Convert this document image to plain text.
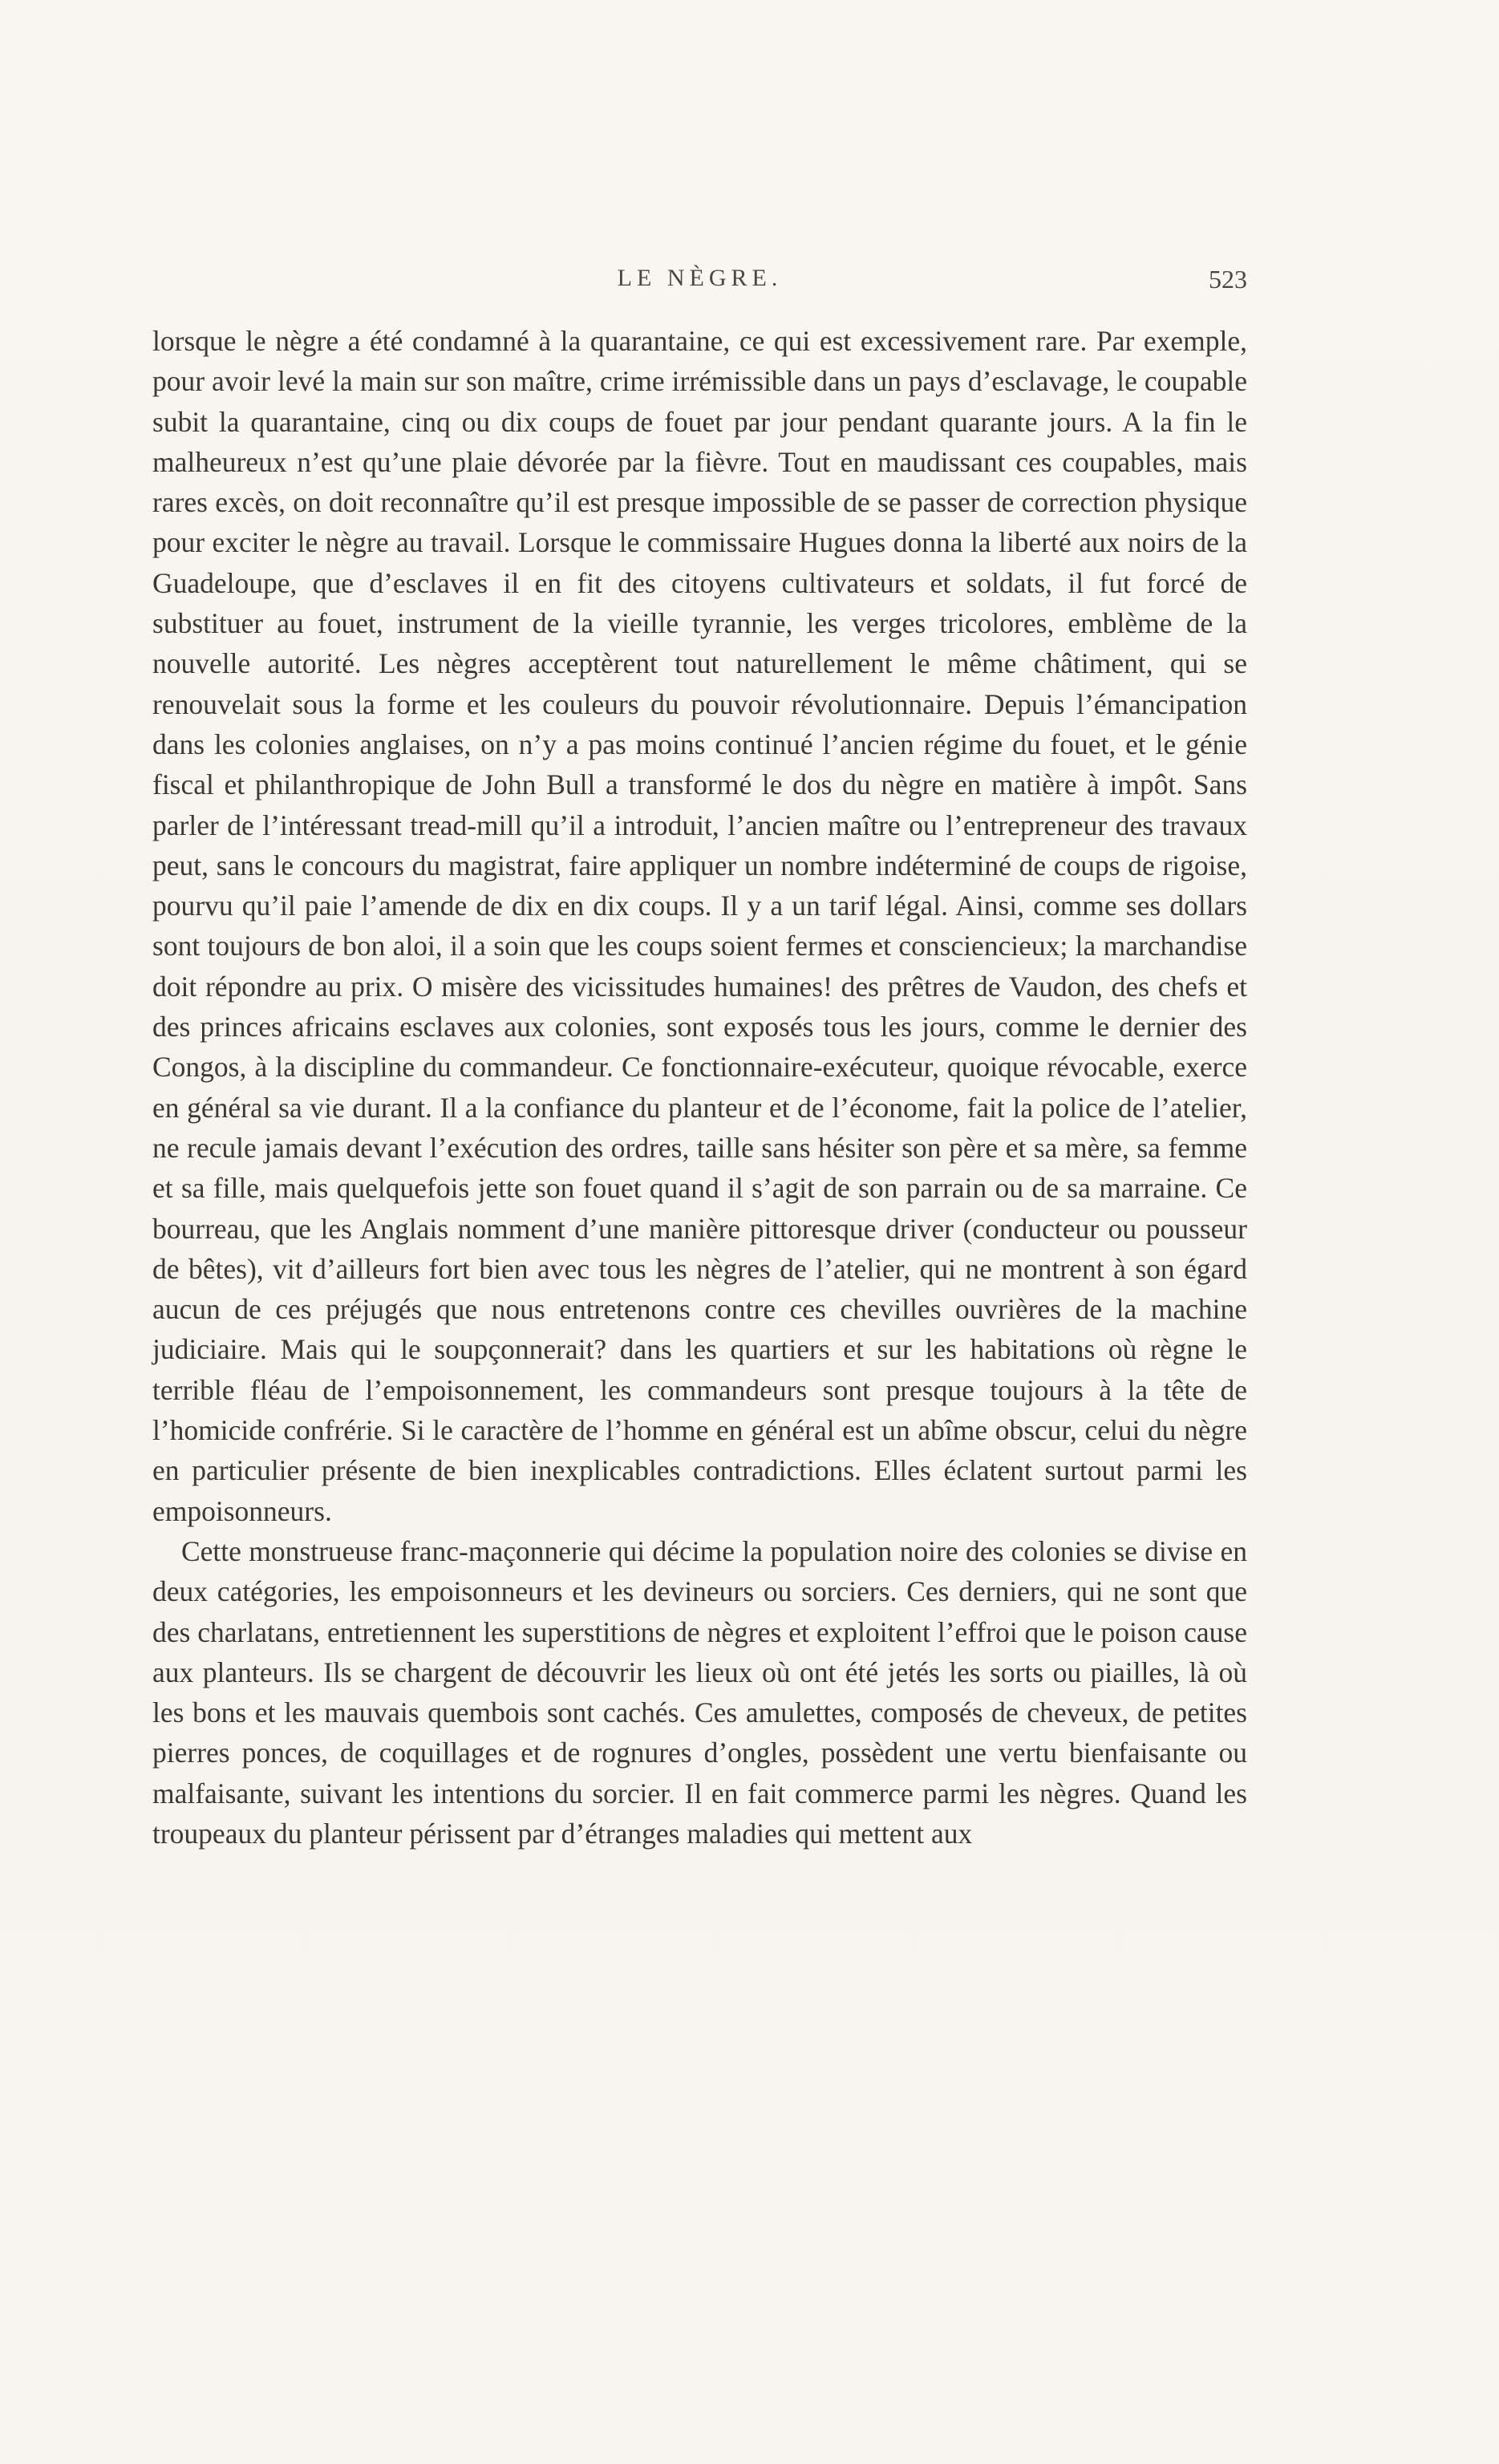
LE NÈGRE.	523

lorsque le nègre a été condamné à la quarantaine, ce qui est excessivement rare. Par exemple, pour avoir levé la main sur son maître, crime irrémissible dans un pays d’esclavage, le coupable subit la quarantaine, cinq ou dix coups de fouet par jour pendant quarante jours. A la fin le malheureux n’est qu’une plaie dévorée par la fièvre. Tout en maudissant ces coupables, mais rares excès, on doit reconnaître qu’il est presque impossible de se passer de correction physique pour exciter le nègre au travail. Lorsque le commissaire Hugues donna la liberté aux noirs de la Guadeloupe, que d’esclaves il en fit des citoyens cultivateurs et soldats, il fut forcé de substituer au fouet, instrument de la vieille tyrannie, les verges tricolores, emblème de la nouvelle autorité. Les nègres acceptèrent tout naturellement le même châtiment, qui se renouvelait sous la forme et les couleurs du pouvoir révolutionnaire. Depuis l’émancipation dans les colonies anglaises, on n’y a pas moins continué l’ancien régime du fouet, et le génie fiscal et philanthropique de John Bull a transformé le dos du nègre en matière à impôt. Sans parler de l’intéressant tread-mill qu’il a introduit, l’ancien maître ou l’entrepreneur des travaux peut, sans le concours du magistrat, faire appliquer un nombre indéterminé de coups de rigoise, pourvu qu’il paie l’amende de dix en dix coups. Il y a un tarif légal. Ainsi, comme ses dollars sont toujours de bon aloi, il a soin que les coups soient fermes et consciencieux; la marchandise doit répondre au prix. O misère des vicissitudes humaines! des prêtres de Vaudon, des chefs et des princes africains esclaves aux colonies, sont exposés tous les jours, comme le dernier des Congos, à la discipline du commandeur. Ce fonctionnaire-exécuteur, quoique révocable, exerce en général sa vie durant. Il a la confiance du planteur et de l’économe, fait la police de l’atelier, ne recule jamais devant l’exécution des ordres, taille sans hésiter son père et sa mère, sa femme et sa fille, mais quelquefois jette son fouet quand il s’agit de son parrain ou de sa marraine. Ce bourreau, que les Anglais nomment d’une manière pittoresque driver (conducteur ou pousseur de bêtes), vit d’ailleurs fort bien avec tous les nègres de l’atelier, qui ne montrent à son égard aucun de ces préjugés que nous entretenons contre ces chevilles ouvrières de la machine judiciaire. Mais qui le soupçonnerait? dans les quartiers et sur les habitations où règne le terrible fléau de l’empoisonnement, les commandeurs sont presque toujours à la tête de l’homicide confrérie. Si le caractère de l’homme en général est un abîme obscur, celui du nègre en particulier présente de bien inexplicables contradictions. Elles éclatent surtout parmi les empoisonneurs.

Cette monstrueuse franc-maçonnerie qui décime la population noire des colonies se divise en deux catégories, les empoisonneurs et les devineurs ou sorciers. Ces derniers, qui ne sont que des charlatans, entretiennent les superstitions de nègres et exploitent l’effroi que le poison cause aux planteurs. Ils se chargent de découvrir les lieux où ont été jetés les sorts ou piailles, là où les bons et les mauvais quembois sont cachés. Ces amulettes, composés de cheveux, de petites pierres ponces, de coquillages et de rognures d’ongles, possèdent une vertu bienfaisante ou malfaisante, suivant les intentions du sorcier. Il en fait commerce parmi les nègres. Quand les troupeaux du planteur périssent par d’étranges maladies qui mettent aux
